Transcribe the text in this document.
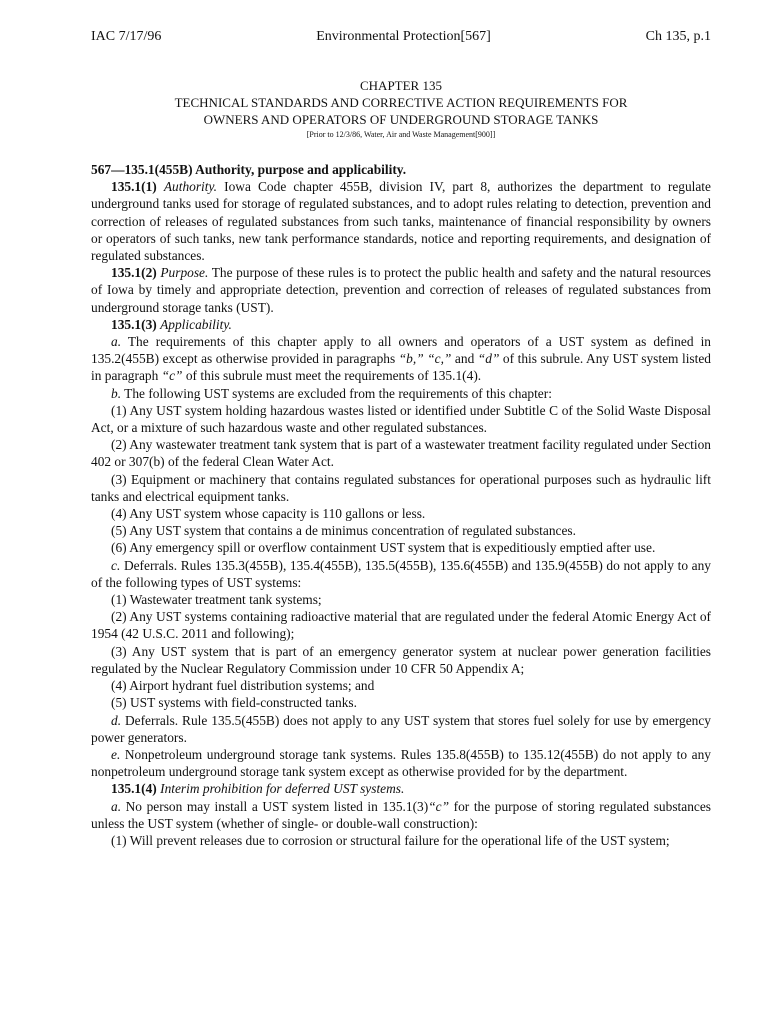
IAC 7/17/96	Environmental Protection[567]	Ch 135, p.1
CHAPTER 135
TECHNICAL STANDARDS AND CORRECTIVE ACTION REQUIREMENTS FOR
OWNERS AND OPERATORS OF UNDERGROUND STORAGE TANKS
[Prior to 12/3/86, Water, Air and Waste Management[900]]

567—135.1(455B) Authority, purpose and applicability.

135.1(1) Authority. Iowa Code chapter 455B, division IV, part 8, authorizes the department to regulate underground tanks used for storage of regulated substances, and to adopt rules relating to detection, prevention and correction of releases of regulated substances from such tanks, maintenance of financial responsibility by owners or operators of such tanks, new tank performance standards, notice and reporting requirements, and designation of regulated substances.

135.1(2) Purpose. The purpose of these rules is to protect the public health and safety and the natural resources of Iowa by timely and appropriate detection, prevention and correction of releases of regulated substances from underground storage tanks (UST).

135.1(3) Applicability.

a. The requirements of this chapter apply to all owners and operators of a UST system as defined in 135.2(455B) except as otherwise provided in paragraphs “b,” “c,” and “d” of this subrule. Any UST system listed in paragraph “c” of this subrule must meet the requirements of 135.1(4).

b. The following UST systems are excluded from the requirements of this chapter:

(1) Any UST system holding hazardous wastes listed or identified under Subtitle C of the Solid Waste Disposal Act, or a mixture of such hazardous waste and other regulated substances.

(2) Any wastewater treatment tank system that is part of a wastewater treatment facility regulated under Section 402 or 307(b) of the federal Clean Water Act.

(3) Equipment or machinery that contains regulated substances for operational purposes such as hydraulic lift tanks and electrical equipment tanks.

(4) Any UST system whose capacity is 110 gallons or less.

(5) Any UST system that contains a de minimus concentration of regulated substances.

(6) Any emergency spill or overflow containment UST system that is expeditiously emptied after use.

c. Deferrals. Rules 135.3(455B), 135.4(455B), 135.5(455B), 135.6(455B) and 135.9(455B) do not apply to any of the following types of UST systems:

(1) Wastewater treatment tank systems;

(2) Any UST systems containing radioactive material that are regulated under the federal Atomic Energy Act of 1954 (42 U.S.C. 2011 and following);

(3) Any UST system that is part of an emergency generator system at nuclear power generation facilities regulated by the Nuclear Regulatory Commission under 10 CFR 50 Appendix A;

(4) Airport hydrant fuel distribution systems; and

(5) UST systems with field-constructed tanks.

d. Deferrals. Rule 135.5(455B) does not apply to any UST system that stores fuel solely for use by emergency power generators.

e. Nonpetroleum underground storage tank systems. Rules 135.8(455B) to 135.12(455B) do not apply to any nonpetroleum underground storage tank system except as otherwise provided for by the department.

135.1(4) Interim prohibition for deferred UST systems.

a. No person may install a UST system listed in 135.1(3)“c” for the purpose of storing regulated substances unless the UST system (whether of single- or double-wall construction):

(1) Will prevent releases due to corrosion or structural failure for the operational life of the UST system;
